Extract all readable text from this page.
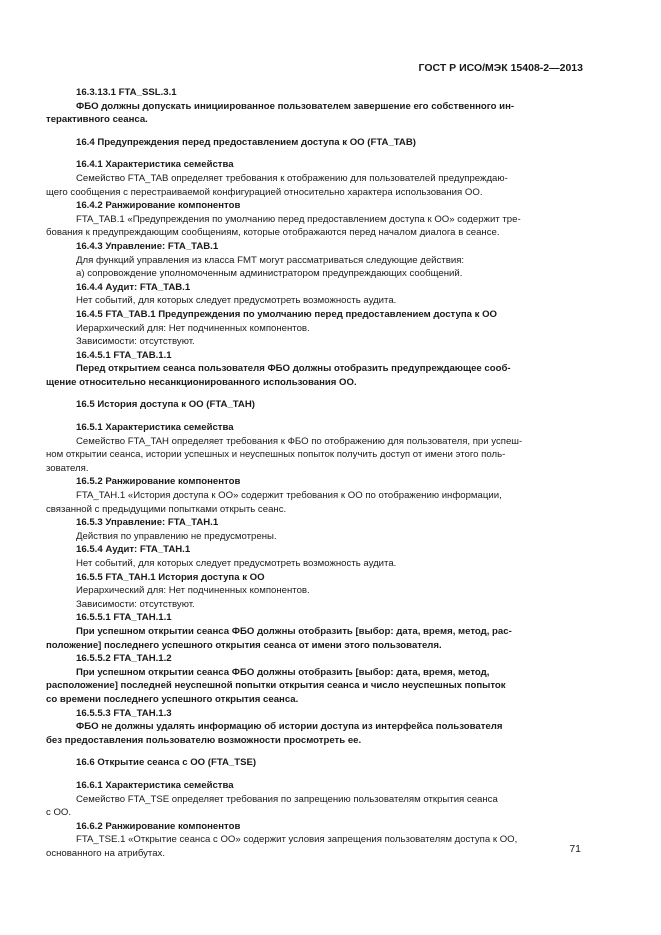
ГОСТ Р ИСО/МЭК 15408-2—2013
16.3.13.1 FTA_SSL.3.1
ФБО должны допускать инициированное пользователем завершение его собственного ин-
терактивного сеанса.
16.4 Предупреждения перед предоставлением доступа к ОО (FTA_TAB)
16.4.1 Характеристика семейства
Семейство FTA_TAB определяет требования к отображению для пользователей предупреждаю-
щего сообщения с перестраиваемой конфигурацией относительно характера использования ОО.
16.4.2 Ранжирование компонентов
FTA_TAB.1 «Предупреждения по умолчанию перед предоставлением доступа к ОО» содержит тре-
бования к предупреждающим сообщениям, которые отображаются перед началом диалога в сеансе.
16.4.3 Управление: FTA_TAB.1
Для функций управления из класса FMT могут рассматриваться следующие действия:
а) сопровождение уполномоченным администратором предупреждающих сообщений.
16.4.4 Аудит: FTA_TAB.1
Нет событий, для которых следует предусмотреть возможность аудита.
16.4.5 FTA_TAB.1 Предупреждения по умолчанию перед предоставлением доступа к ОО
Иерархический для: Нет подчиненных компонентов.
Зависимости: отсутствуют.
16.4.5.1 FTA_TAB.1.1
Перед открытием сеанса пользователя ФБО должны отобразить предупреждающее сооб-
щение относительно несанкционированного использования ОО.
16.5 История доступа к ОО (FTA_TAH)
16.5.1 Характеристика семейства
Семейство FTA_TAH определяет требования к ФБО по отображению для пользователя, при успеш-
ном открытии сеанса, истории успешных и неуспешных попыток получить доступ от имени этого поль-
зователя.
16.5.2 Ранжирование компонентов
FTA_TAH.1 «История доступа к ОО» содержит требования к ОО по отображению информации,
связанной с предыдущими попытками открыть сеанс.
16.5.3 Управление: FTA_TAH.1
Действия по управлению не предусмотрены.
16.5.4 Аудит: FTA_TAH.1
Нет событий, для которых следует предусмотреть возможность аудита.
16.5.5 FTA_TAH.1 История доступа к ОО
Иерархический для: Нет подчиненных компонентов.
Зависимости: отсутствуют.
16.5.5.1 FTA_TAH.1.1
При успешном открытии сеанса ФБО должны отобразить [выбор: дата, время, метод, рас-
положение] последнего успешного открытия сеанса от имени этого пользователя.
16.5.5.2 FTA_TAH.1.2
При успешном открытии сеанса ФБО должны отобразить [выбор: дата, время, метод,
расположение] последней неуспешной попытки открытия сеанса и число неуспешных попыток
со времени последнего успешного открытия сеанса.
16.5.5.3 FTA_TAH.1.3
ФБО не должны удалять информацию об истории доступа из интерфейса пользователя
без предоставления пользователю возможности просмотреть ее.
16.6 Открытие сеанса с ОО (FTA_TSE)
16.6.1 Характеристика семейства
Семейство FTA_TSE определяет требования по запрещению пользователям открытия сеанса
с ОО.
16.6.2 Ранжирование компонентов
FTA_TSE.1 «Открытие сеанса с ОО» содержит условия запрещения пользователям доступа к ОО,
основанного на атрибутах.	71
